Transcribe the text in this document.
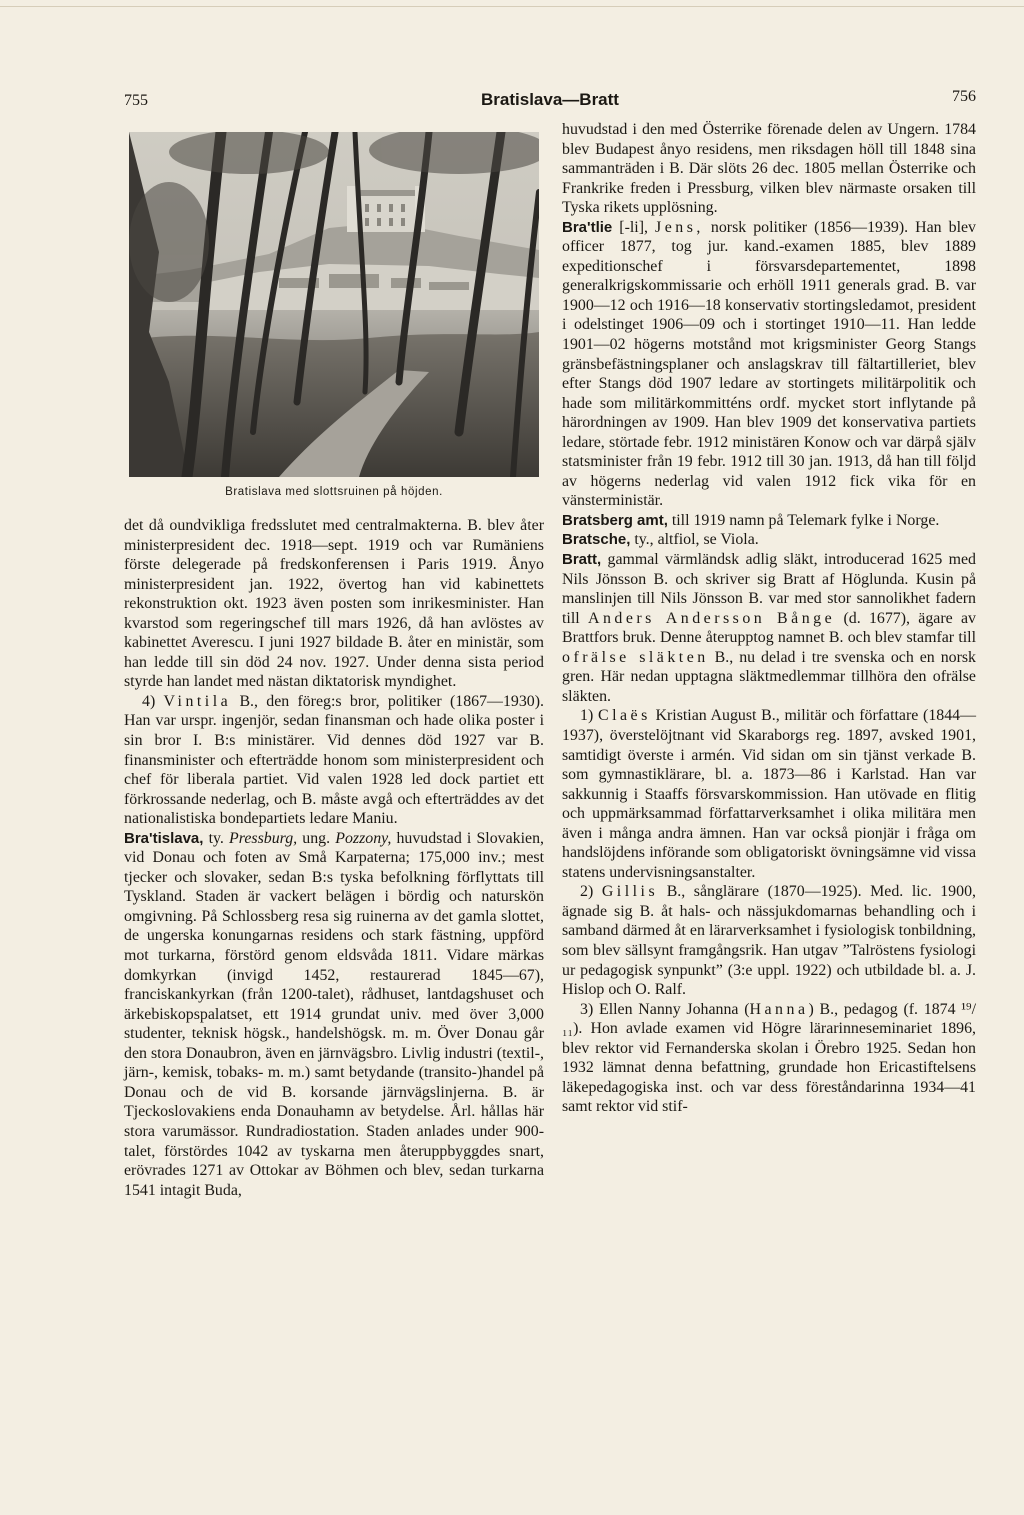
755	Bratislava—Bratt	756
Bratislava med slottsruinen på höjden.

det då oundvikliga fredsslutet med centralmakterna. B. blev åter ministerpresident dec. 1918—sept. 1919 och var Rumäniens förste delegerade på fredskonferensen i Paris 1919. Ånyo ministerpresident jan. 1922, övertog han vid kabinettets rekonstruktion okt. 1923 även posten som inrikesminister. Han kvarstod som regeringschef till mars 1926, då han avlöstes av kabinettet Averescu. I juni 1927 bildade B. åter en ministär, som han ledde till sin död 24 nov. 1927. Under denna sista period styrde han landet med nästan diktatorisk myndighet.

4) Vintila B., den föreg:s bror, politiker (1867—1930). Han var urspr. ingenjör, sedan finansman och hade olika poster i sin bror I. B:s ministärer. Vid dennes död 1927 var B. finansminister och efterträdde honom som ministerpresident och chef för liberala partiet. Vid valen 1928 led dock partiet ett förkrossande nederlag, och B. måste avgå och efterträddes av det nationalistiska bondepartiets ledare Maniu.

Bra'tislava, ty. Pressburg, ung. Pozzony, huvudstad i Slovakien, vid Donau och foten av Små Karpaterna; 175,000 inv.; mest tjecker och slovaker, sedan B:s tyska befolkning förflyttats till Tyskland. Staden är vackert belägen i bördig och naturskön omgivning. På Schlossberg resa sig ruinerna av det gamla slottet, de ungerska konungarnas residens och stark fästning, uppförd mot turkarna, förstörd genom eldsvåda 1811. Vidare märkas domkyrkan (invigd 1452, restaurerad 1845—67), franciskankyrkan (från 1200-talet), rådhuset, lantdagshuset och ärkebiskopspalatset, ett 1914 grundat univ. med över 3,000 studenter, teknisk högsk., handelshögsk. m. m. Över Donau går den stora Donaubron, även en järnvägsbro. Livlig industri (textil-, järn-, kemisk, tobaks- m. m.) samt betydande (transito-)handel på Donau och de vid B. korsande järnvägslinjerna. B. är Tjeckoslovakiens enda Donauhamn av betydelse. Årl. hållas här stora varumässor. Rundradiostation. Staden anlades under 900-talet, förstördes 1042 av tyskarna men återuppbyggdes snart, erövrades 1271 av Ottokar av Böhmen och blev, sedan turkarna 1541 intagit Buda,

huvudstad i den med Österrike förenade delen av Ungern. 1784 blev Budapest ånyo residens, men riksdagen höll till 1848 sina sammanträden i B. Där slöts 26 dec. 1805 mellan Österrike och Frankrike freden i Pressburg, vilken blev närmaste orsaken till Tyska rikets upplösning.

Bra'tlie [-li], Jens, norsk politiker (1856—1939). Han blev officer 1877, tog jur. kand.-examen 1885, blev 1889 expeditionschef i försvarsdepartementet, 1898 generalkrigskommissarie och erhöll 1911 generals grad. B. var 1900—12 och 1916—18 konservativ stortingsledamot, president i odelstinget 1906—09 och i stortinget 1910—11. Han ledde 1901—02 högerns motstånd mot krigsminister Georg Stangs gränsbefästningsplaner och anslagskrav till fältartilleriet, blev efter Stangs död 1907 ledare av stortingets militärpolitik och hade som militärkommitténs ordf. mycket stort inflytande på härordningen av 1909. Han blev 1909 det konservativa partiets ledare, störtade febr. 1912 ministären Konow och var därpå själv statsminister från 19 febr. 1912 till 30 jan. 1913, då han till följd av högerns nederlag vid valen 1912 fick vika för en vänsterministär.

Bratsberg amt, till 1919 namn på Telemark fylke i Norge.

Bratsche, ty., altfiol, se Viola.

Bratt, gammal värmländsk adlig släkt, introducerad 1625 med Nils Jönsson B. och skriver sig Bratt af Höglunda. Kusin på manslinjen till Nils Jönsson B. var med stor sannolikhet fadern till Anders Andersson Bånge (d. 1677), ägare av Brattfors bruk. Denne återupptog namnet B. och blev stamfar till ofrälse släkten B., nu delad i tre svenska och en norsk gren. Här nedan upptagna släktmedlemmar tillhöra den ofrälse släkten.

1) Claës Kristian August B., militär och författare (1844—1937), överstelöjtnant vid Skaraborgs reg. 1897, avsked 1901, samtidigt överste i armén. Vid sidan om sin tjänst verkade B. som gymnastiklärare, bl. a. 1873—86 i Karlstad. Han var sakkunnig i Staaffs försvarskommission. Han utövade en flitig och uppmärksammad författarverksamhet i olika militära men även i många andra ämnen. Han var också pionjär i fråga om handslöjdens införande som obligatoriskt övningsämne vid vissa statens undervisningsanstalter.

2) Gillis B., sånglärare (1870—1925). Med. lic. 1900, ägnade sig B. åt hals- och nässjukdomarnas behandling och i samband därmed åt en lärarverksamhet i fysiologisk tonbildning, som blev sällsynt framgångsrik. Han utgav ”Talröstens fysiologi ur pedagogisk synpunkt” (3:e uppl. 1922) och utbildade bl. a. J. Hislop och O. Ralf.

3) Ellen Nanny Johanna (Hanna) B., pedagog (f. 1874 ¹⁹/₁₁). Hon avlade examen vid Högre lärarinneseminariet 1896, blev rektor vid Fernanderska skolan i Örebro 1925. Sedan hon 1932 lämnat denna befattning, grundade hon Ericastiftelsens läkepedagogiska inst. och var dess föreståndarinna 1934—41 samt rektor vid stif-
